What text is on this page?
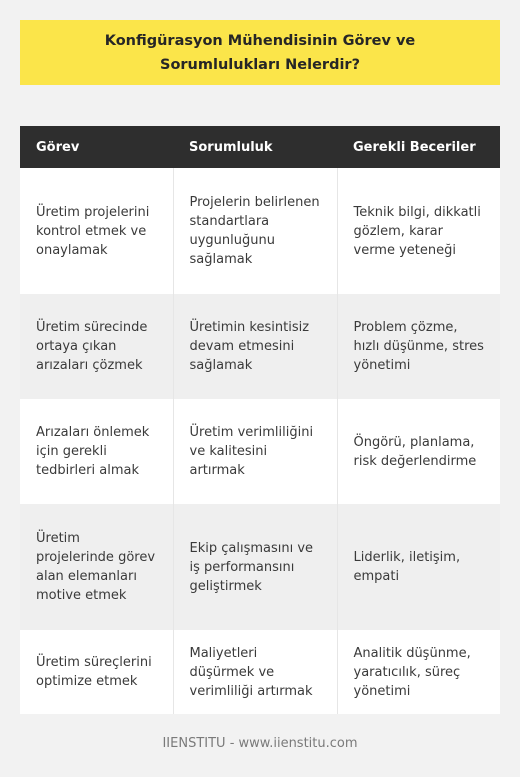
Konfigürasyon Mühendisinin Görev ve Sorumlulukları Nelerdir?
Görev	Sorumluluk	Gerekli Beceriler
Üretim projelerini kontrol etmek ve onaylamak	Projelerin belirlenen standartlara uygunluğunu sağlamak	Teknik bilgi, dikkatli gözlem, karar verme yeteneği
Üretim sürecinde ortaya çıkan arızaları çözmek	Üretimin kesintisiz devam etmesini sağlamak	Problem çözme, hızlı düşünme, stres yönetimi
Arızaları önlemek için gerekli tedbirleri almak	Üretim verimliliğini ve kalitesini artırmak	Öngörü, planlama, risk değerlendirme
Üretim projelerinde görev alan elemanları motive etmek	Ekip çalışmasını ve iş performansını geliştirmek	Liderlik, iletişim, empati
Üretim süreçlerini optimize etmek	Maliyetleri düşürmek ve verimliliği artırmak	Analitik düşünme, yaratıcılık, süreç yönetimi
IIENSTITU - www.iienstitu.com
